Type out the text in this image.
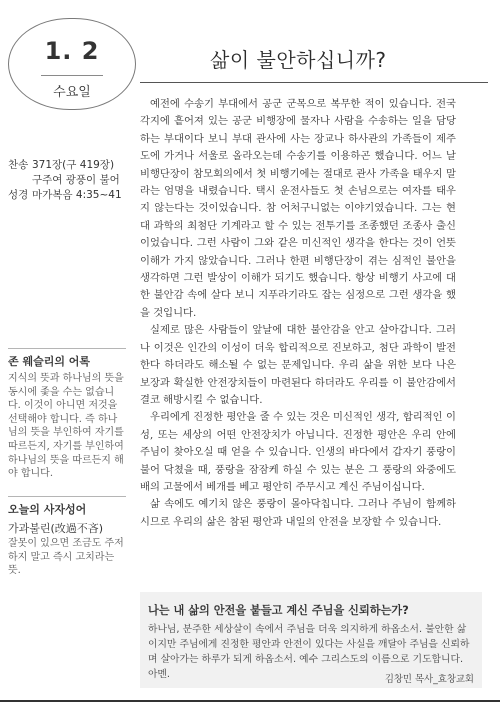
1. 2
수요일
삶이 불안하십니까?
찬송 371장(구 419장) 구주여 광풍이 불어
성경 마가복음 4:35~41
존 웨슬리의 어록
지식의 뜻과 하나님의 뜻을 동시에 좇을 수는 없습니다. 이것이 아니면 저것을 선택해야 합니다. 즉 하나님의 뜻을 부인하여 자기를 따르든지, 자기를 부인하여 하나님의 뜻을 따르든지 해야 합니다.
오늘의 사자성어
가과불린(改過不吝)
잘못이 있으면 조금도 주저하지 말고 즉시 고치라는 뜻.

예전에 수송기 부대에서 공군 군목으로 복무한 적이 있습니다. 전국 각지에 흩어져 있는 공군 비행장에 물자나 사람을 수송하는 일을 담당하는 부대이다 보니 부대 관사에 사는 장교나 하사관의 가족들이 제주도에 가거나 서울로 올라오는데 수송기를 이용하곤 했습니다. 어느 날 비행단장이 참모회의에서 첫 비행기에는 절대로 관사 가족을 태우지 말라는 엄명을 내렸습니다. 택시 운전사들도 첫 손님으로는 여자를 태우지 않는다는 것이었습니다. 참 어처구니없는 이야기였습니다. 그는 현대 과학의 최첨단 기계라고 할 수 있는 전투기를 조종했던 조종사 출신이었습니다. 그런 사람이 그와 같은 미신적인 생각을 한다는 것이 언뜻 이해가 가지 않았습니다. 그러나 한편 비행단장이 겪는 심적인 불안을 생각하면 그런 발상이 이해가 되기도 했습니다. 항상 비행기 사고에 대한 불안감 속에 살다 보니 지푸라기라도 잡는 심정으로 그런 생각을 했을 것입니다.

실제로 많은 사람들이 앞날에 대한 불안감을 안고 살아갑니다. 그러나 이것은 인간의 이성이 더욱 합리적으로 진보하고, 첨단 과학이 발전한다 하더라도 해소될 수 없는 문제입니다. 우리 삶을 위한 보다 나은 보장과 확실한 안전장치들이 마련된다 하더라도 우리를 이 불안감에서 결코 해방시킬 수 없습니다.

우리에게 진정한 평안을 줄 수 있는 것은 미신적인 생각, 합리적인 이성, 또는 세상의 어떤 안전장치가 아닙니다. 진정한 평안은 우리 안에 주님이 찾아오실 때 얻을 수 있습니다. 인생의 바다에서 갑자기 풍랑이 불어 닥쳤을 때, 풍랑을 잠잠케 하실 수 있는 분은 그 풍랑의 와중에도 배의 고물에서 베개를 베고 평안히 주무시고 계신 주님이십니다.

삶 속에도 예기치 않은 풍랑이 몰아닥칩니다. 그러나 주님이 함께하시므로 우리의 삶은 참된 평안과 내일의 안전을 보장할 수 있습니다.

나는 내 삶의 안전을 붙들고 계신 주님을 신뢰하는가?
하나님, 분주한 세상살이 속에서 주님을 더욱 의지하게 하옵소서. 불안한 삶이지만 주님에게 진정한 평안과 안전이 있다는 사실을 깨달아 주님을 신뢰하며 살아가는 하루가 되게 하옵소서. 예수 그리스도의 이름으로 기도합니다. 아멘.	김창민 목사_효창교회
